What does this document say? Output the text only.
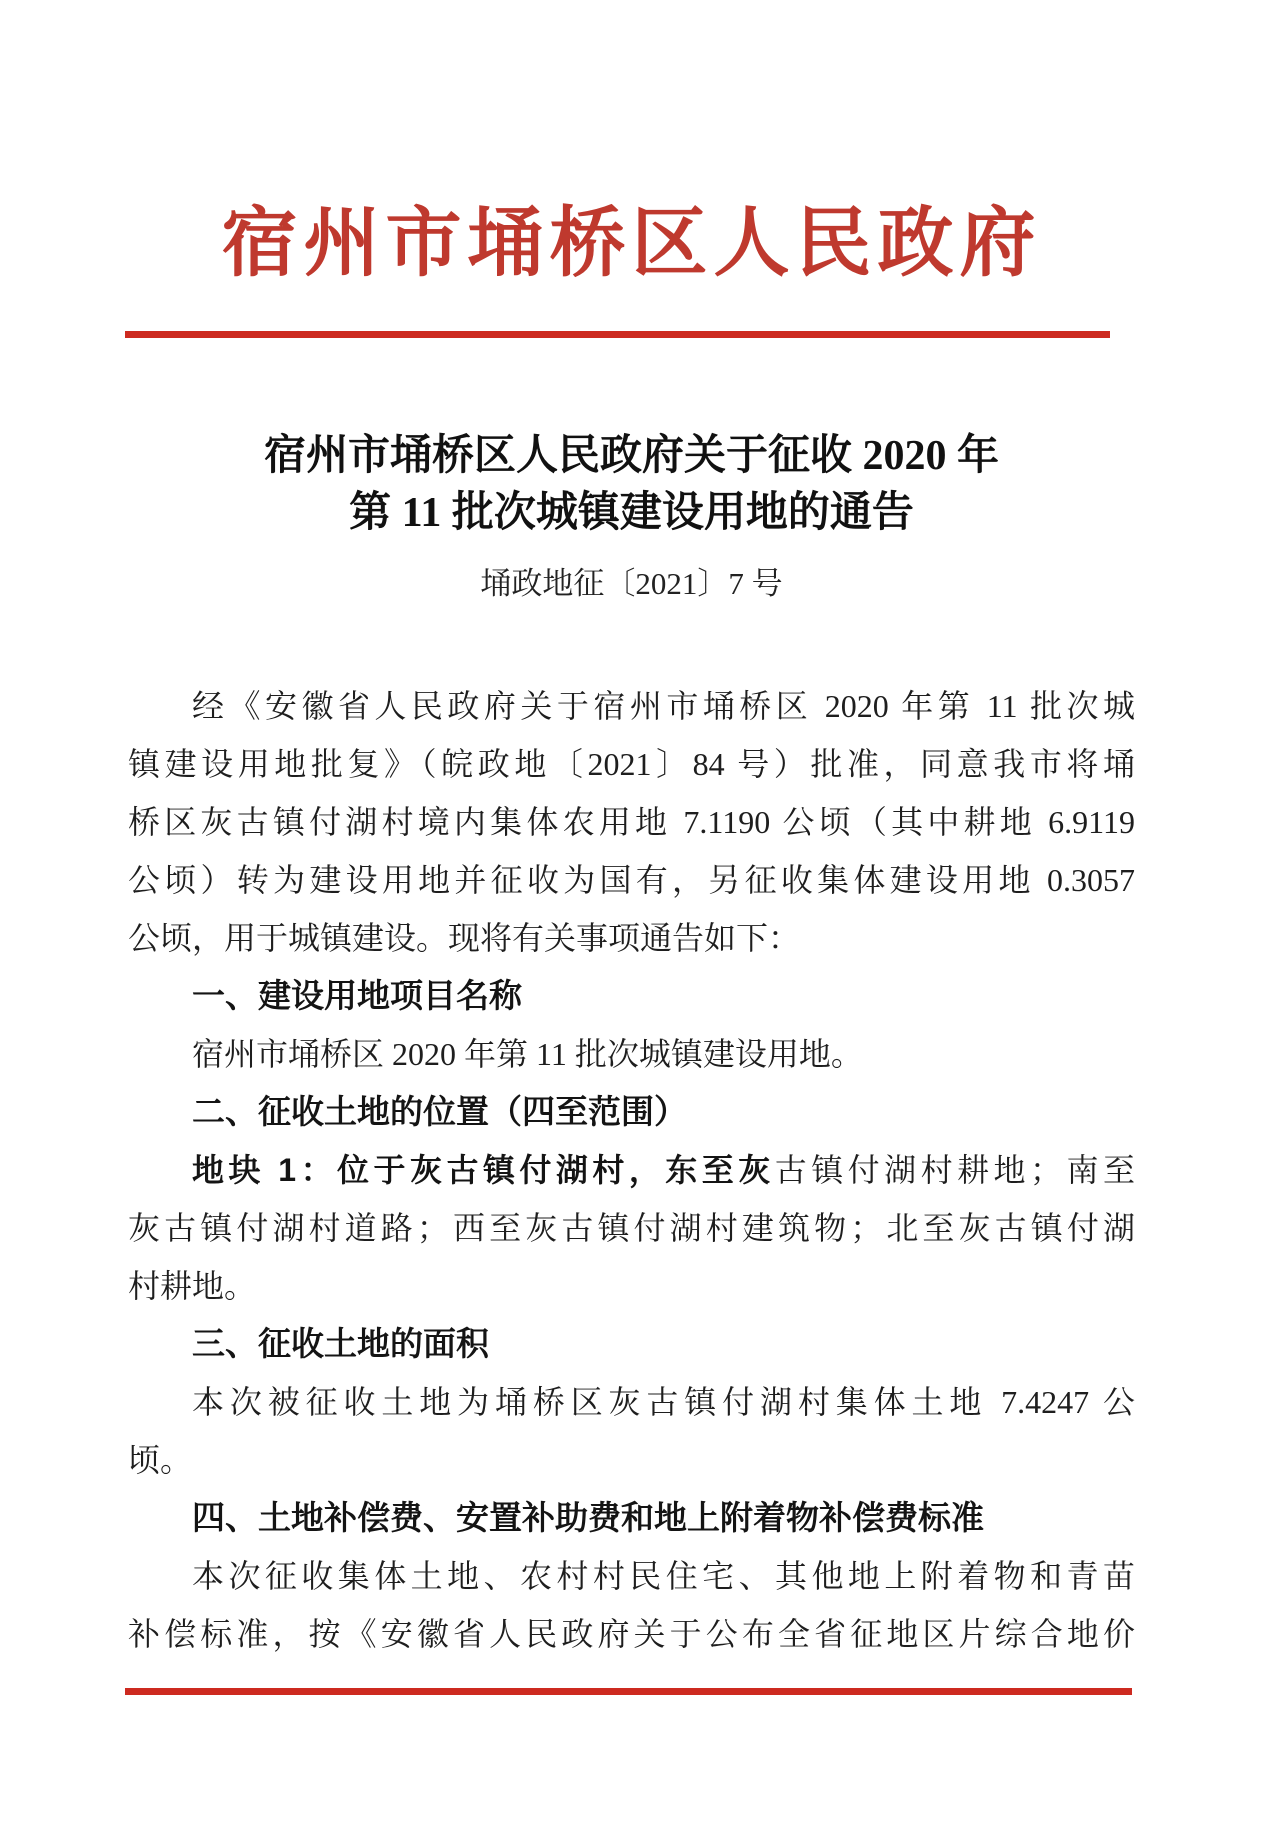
宿州市埇桥区人民政府
宿州市埇桥区人民政府关于征收 2020 年
第 11 批次城镇建设用地的通告
埇政地征〔2021〕7 号
经《安徽省人民政府关于宿州市埇桥区 2020 年第 11 批次城
镇建设用地批复》（皖政地〔2021〕84 号）批准，同意我市将埇
桥区灰古镇付湖村境内集体农用地 7.1190 公顷（其中耕地 6.9119
公顷）转为建设用地并征收为国有，另征收集体建设用地 0.3057
公顷，用于城镇建设。现将有关事项通告如下：
一、建设用地项目名称
宿州市埇桥区 2020 年第 11 批次城镇建设用地。
二、征收土地的位置（四至范围）
地块 1：位于灰古镇付湖村，东至灰古镇付湖村耕地；南至
灰古镇付湖村道路；西至灰古镇付湖村建筑物；北至灰古镇付湖
村耕地。
三、征收土地的面积
本次被征收土地为埇桥区灰古镇付湖村集体土地 7.4247 公
顷。
四、土地补偿费、安置补助费和地上附着物补偿费标准
本次征收集体土地、农村村民住宅、其他地上附着物和青苗
补偿标准，按《安徽省人民政府关于公布全省征地区片综合地价
